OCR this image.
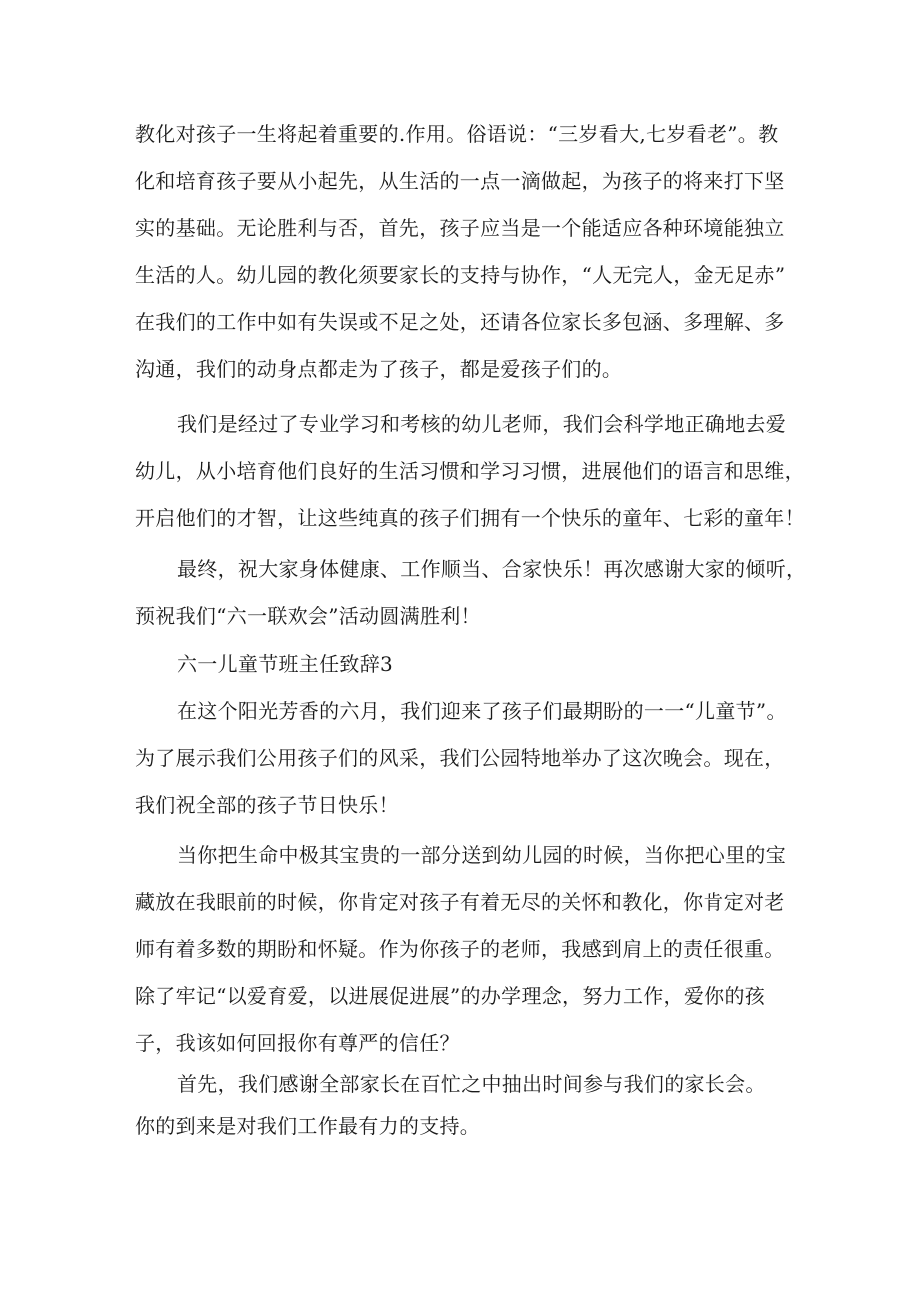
教化对孩子一生将起着重要的.作用。俗语说：“三岁看大,七岁看老”。教
化和培育孩子要从小起先，从生活的一点一滴做起，为孩子的将来打下坚
实的基础。无论胜利与否，首先，孩子应当是一个能适应各种环境能独立
生活的人。幼儿园的教化须要家长的支持与协作，“人无完人，金无足赤”
在我们的工作中如有失误或不足之处，还请各位家长多包涵、多理解、多
沟通，我们的动身点都走为了孩子，都是爱孩子们的。
我们是经过了专业学习和考核的幼儿老师，我们会科学地正确地去爱
幼儿，从小培育他们良好的生活习惯和学习习惯，进展他们的语言和思维，
开启他们的才智，让这些纯真的孩子们拥有一个快乐的童年、七彩的童年！
最终，祝大家身体健康、工作顺当、合家快乐！再次感谢大家的倾听，
预祝我们“六一联欢会”活动圆满胜利！
六一儿童节班主任致辞3
在这个阳光芳香的六月，我们迎来了孩子们最期盼的一一“儿童节”。
为了展示我们公用孩子们的风采，我们公园特地举办了这次晚会。现在，
我们祝全部的孩子节日快乐！
当你把生命中极其宝贵的一部分送到幼儿园的时候，当你把心里的宝
藏放在我眼前的时候，你肯定对孩子有着无尽的关怀和教化，你肯定对老
师有着多数的期盼和怀疑。作为你孩子的老师，我感到肩上的责任很重。
除了牢记“以爱育爱，以进展促进展”的办学理念，努力工作，爱你的孩
子，我该如何回报你有尊严的信任？
首先，我们感谢全部家长在百忙之中抽出时间参与我们的家长会。
你的到来是对我们工作最有力的支持。
